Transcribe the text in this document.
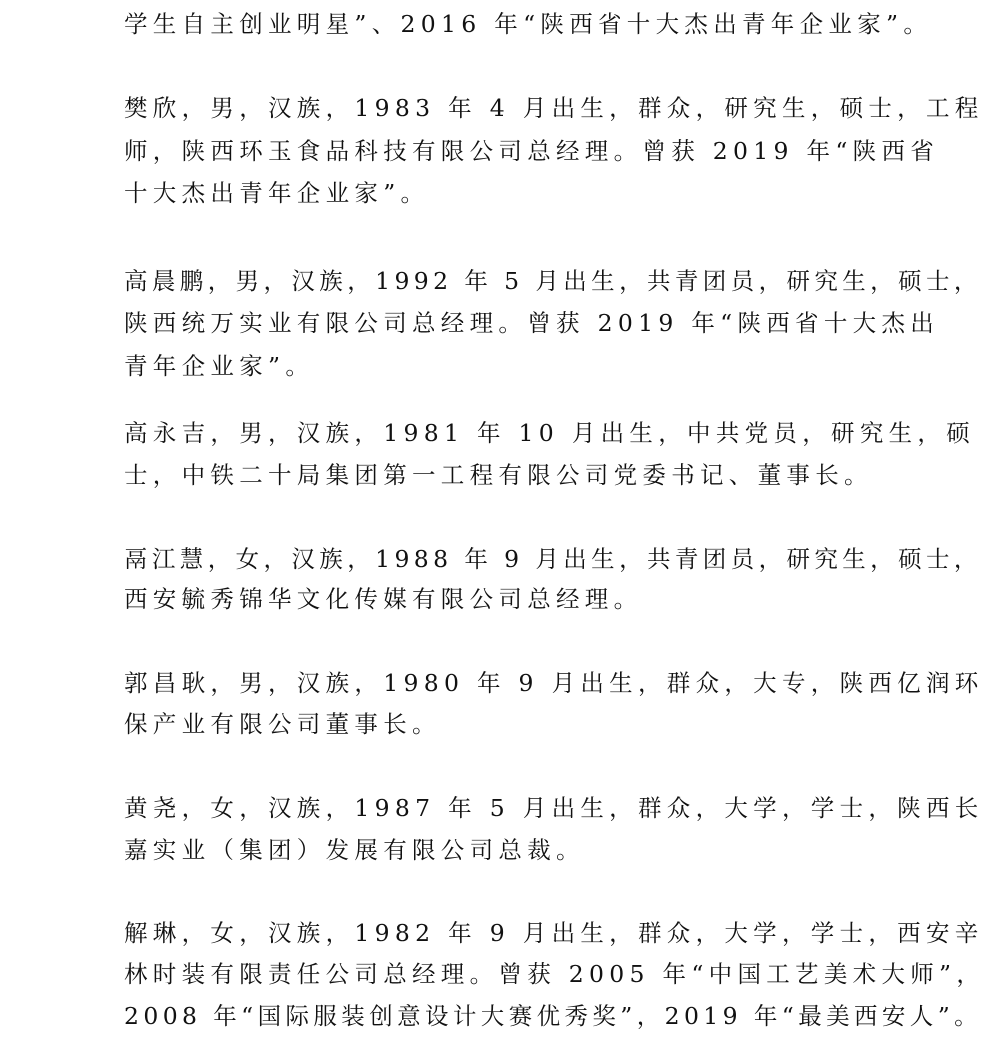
学生自主创业明星”、2016 年“陕西省十大杰出青年企业家”。
樊欣，男，汉族，1983 年 4 月出生，群众，研究生，硕士，工程
师，陕西环玉食品科技有限公司总经理。曾获 2019 年“陕西省
十大杰出青年企业家”。
高晨鹏，男，汉族，1992 年 5 月出生，共青团员，研究生，硕士，
陕西统万实业有限公司总经理。曾获 2019 年“陕西省十大杰出
青年企业家”。
高永吉，男，汉族，1981 年 10 月出生，中共党员，研究生，硕
士，中铁二十局集团第一工程有限公司党委书记、董事长。
鬲江慧，女，汉族，1988 年 9 月出生，共青团员，研究生，硕士，
西安毓秀锦华文化传媒有限公司总经理。
郭昌耿，男，汉族，1980 年 9 月出生，群众，大专，陕西亿润环
保产业有限公司董事长。
黄尧，女，汉族，1987 年 5 月出生，群众，大学，学士，陕西长
嘉实业（集团）发展有限公司总裁。
解琳，女，汉族，1982 年 9 月出生，群众，大学，学士，西安辛
林时装有限责任公司总经理。曾获 2005 年“中国工艺美术大师”，
2008 年“国际服装创意设计大赛优秀奖”，2019 年“最美西安人”。
